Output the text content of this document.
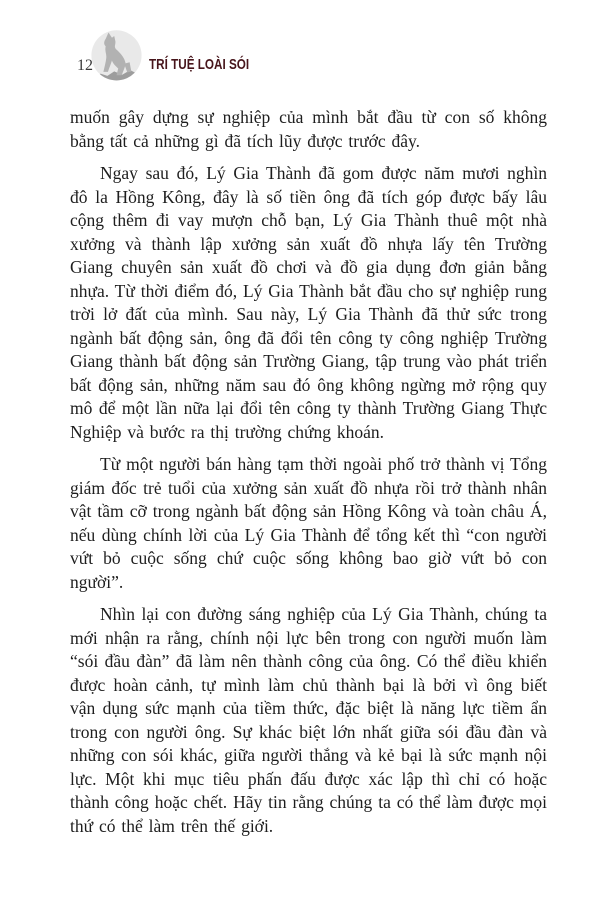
12	TRÍ TUỆ LOÀI SÓI

muốn gây dựng sự nghiệp của mình bắt đầu từ con số không bằng tất cả những gì đã tích lũy được trước đây.

Ngay sau đó, Lý Gia Thành đã gom được năm mươi nghìn đô la Hồng Kông, đây là số tiền ông đã tích góp được bấy lâu cộng thêm đi vay mượn chỗ bạn, Lý Gia Thành thuê một nhà xưởng và thành lập xưởng sản xuất đồ nhựa lấy tên Trường Giang chuyên sản xuất đồ chơi và đồ gia dụng đơn giản bằng nhựa. Từ thời điểm đó, Lý Gia Thành bắt đầu cho sự nghiệp rung trời lở đất của mình. Sau này, Lý Gia Thành đã thử sức trong ngành bất động sản, ông đã đổi tên công ty công nghiệp Trường Giang thành bất động sản Trường Giang, tập trung vào phát triển bất động sản, những năm sau đó ông không ngừng mở rộng quy mô để một lần nữa lại đổi tên công ty thành Trường Giang Thực Nghiệp và bước ra thị trường chứng khoán.

Từ một người bán hàng tạm thời ngoài phố trở thành vị Tổng giám đốc trẻ tuổi của xưởng sản xuất đồ nhựa rồi trở thành nhân vật tầm cỡ trong ngành bất động sản Hồng Kông và toàn châu Á, nếu dùng chính lời của Lý Gia Thành để tổng kết thì “con người vứt bỏ cuộc sống chứ cuộc sống không bao giờ vứt bỏ con người”.

Nhìn lại con đường sáng nghiệp của Lý Gia Thành, chúng ta mới nhận ra rằng, chính nội lực bên trong con người muốn làm “sói đầu đàn” đã làm nên thành công của ông. Có thể điều khiển được hoàn cảnh, tự mình làm chủ thành bại là bởi vì ông biết vận dụng sức mạnh của tiềm thức, đặc biệt là năng lực tiềm ẩn trong con người ông. Sự khác biệt lớn nhất giữa sói đầu đàn và những con sói khác, giữa người thắng và kẻ bại là sức mạnh nội lực. Một khi mục tiêu phấn đấu được xác lập thì chỉ có hoặc thành công hoặc chết. Hãy tin rằng chúng ta có thể làm được mọi thứ có thể làm trên thế giới.
